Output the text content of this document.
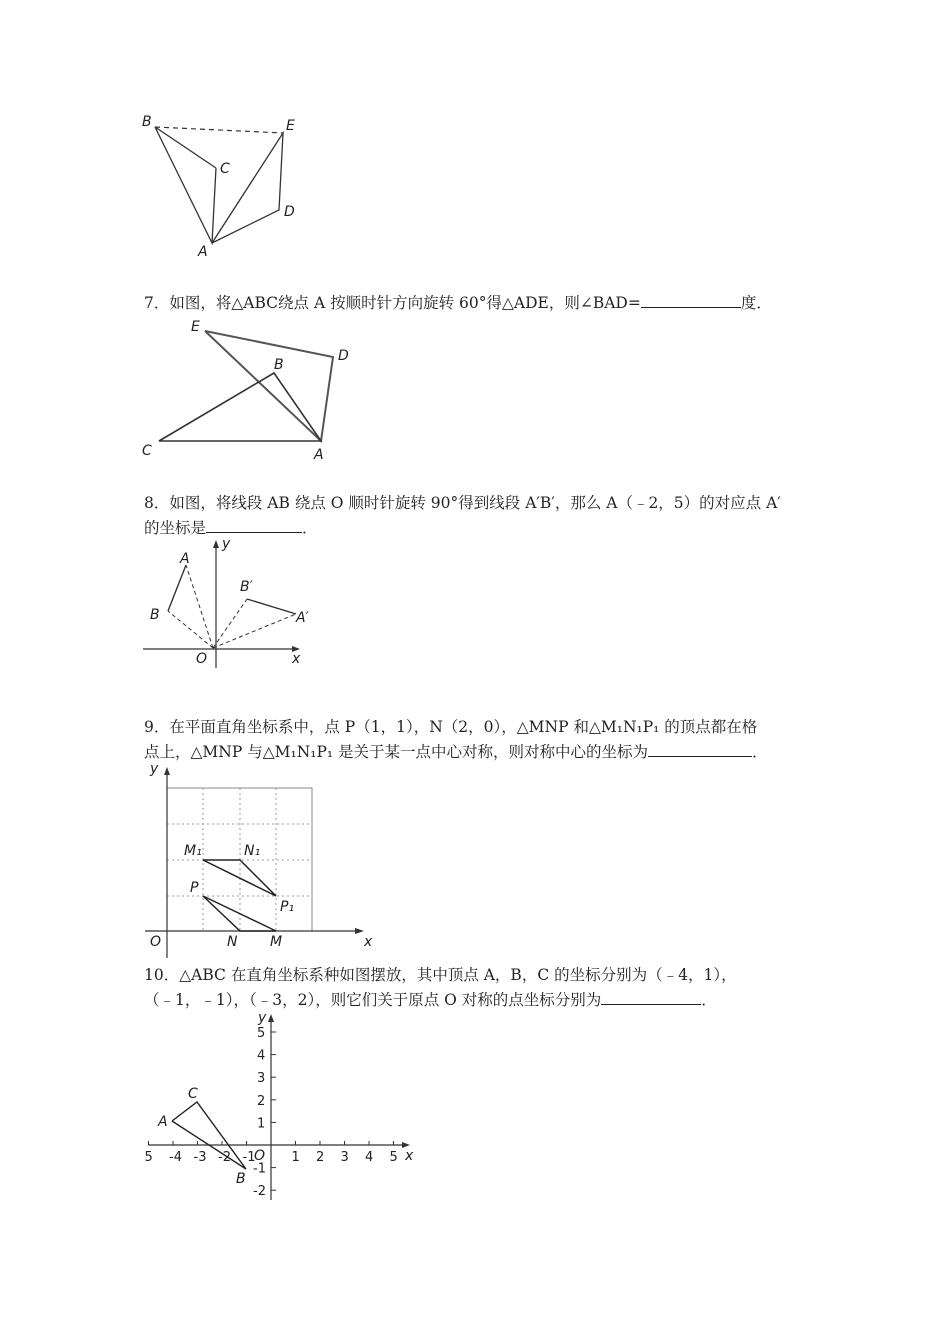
B	E
C
D
A
7．如图，将△ABC绕点 A 按顺时针方向旋转 60°得△ADE，则∠BAD=	度．
E
D
B
C	A
8．如图，将线段 AB 绕点 O 顺时针旋转 90°得到线段 A′B′，那么 A（﹣2，5）的对应点 A′
的坐标是	．
A
B
B′
A′
O	x
y
9．在平面直角坐标系中，点 P（1，1），N（2，0），△MNP 和△M₁N₁P₁ 的顶点都在格
点上，△MNP 与△M₁N₁P₁ 是关于某一点中心对称，则对称中心的坐标为	．
M₁	N₁
P
P₁
O	N M	x
y
10．△ABC 在直角坐标系种如图摆放，其中顶点 A，B，C 的坐标分别为（﹣4，1），
（﹣1，﹣1），（﹣3，2），则它们关于原点 O 对称的点坐标分别为	．
5 -4 -3 -2 -1	1 2 3 4 5
5
4
3
2
1
-1
-2
A
C
B
O	x
y
